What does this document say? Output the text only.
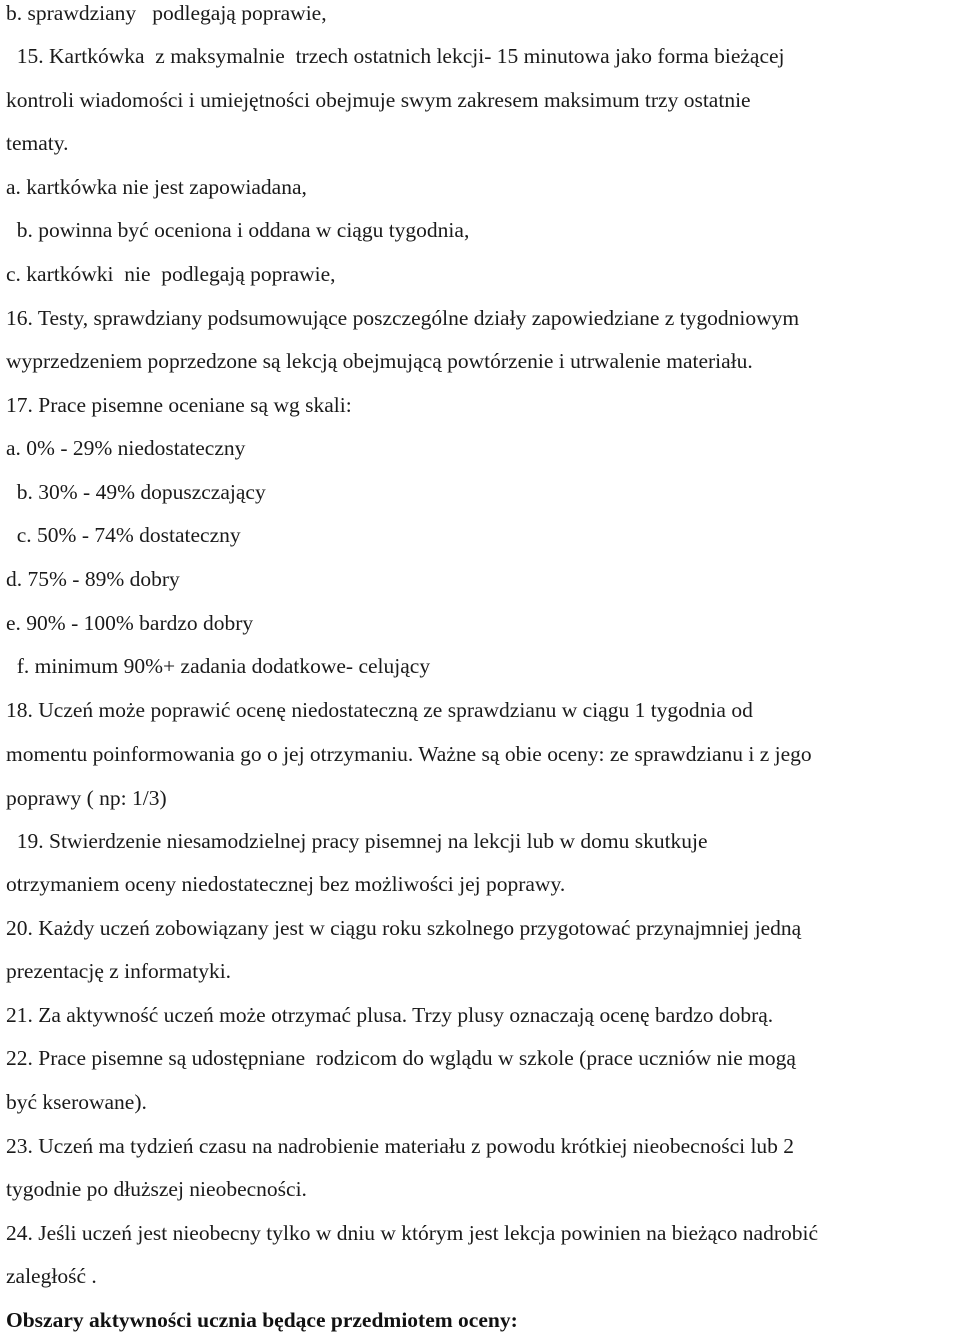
b. sprawdziany   podlegają poprawie,

15. Kartkówka  z maksymalnie  trzech ostatnich lekcji- 15 minutowa jako forma bieżącej

kontroli wiadomości i umiejętności obejmuje swym zakresem maksimum trzy ostatnie

tematy.

a. kartkówka nie jest zapowiadana,

b. powinna być oceniona i oddana w ciągu tygodnia,

c. kartkówki  nie  podlegają poprawie,

16. Testy, sprawdziany podsumowujące poszczególne działy zapowiedziane z tygodniowym

wyprzedzeniem poprzedzone są lekcją obejmującą powtórzenie i utrwalenie materiału.

17. Prace pisemne oceniane są wg skali:

a. 0% - 29% niedostateczny

b. 30% - 49% dopuszczający

c. 50% - 74% dostateczny

d. 75% - 89% dobry

e. 90% - 100% bardzo dobry

f. minimum 90%+ zadania dodatkowe- celujący

18. Uczeń może poprawić ocenę niedostateczną ze sprawdzianu w ciągu 1 tygodnia od

momentu poinformowania go o jej otrzymaniu. Ważne są obie oceny: ze sprawdzianu i z jego

poprawy ( np: 1/3)

19. Stwierdzenie niesamodzielnej pracy pisemnej na lekcji lub w domu skutkuje

otrzymaniem oceny niedostatecznej bez możliwości jej poprawy.

20. Każdy uczeń zobowiązany jest w ciągu roku szkolnego przygotować przynajmniej jedną

prezentację z informatyki.

21. Za aktywność uczeń może otrzymać plusa. Trzy plusy oznaczają ocenę bardzo dobrą.

22. Prace pisemne są udostępniane  rodzicom do wglądu w szkole (prace uczniów nie mogą

być kserowane).

23. Uczeń ma tydzień czasu na nadrobienie materiału z powodu krótkiej nieobecności lub 2

tygodnie po dłuższej nieobecności.

24. Jeśli uczeń jest nieobecny tylko w dniu w którym jest lekcja powinien na bieżąco nadrobić

zaległość .

Obszary aktywności ucznia będące przedmiotem oceny:
